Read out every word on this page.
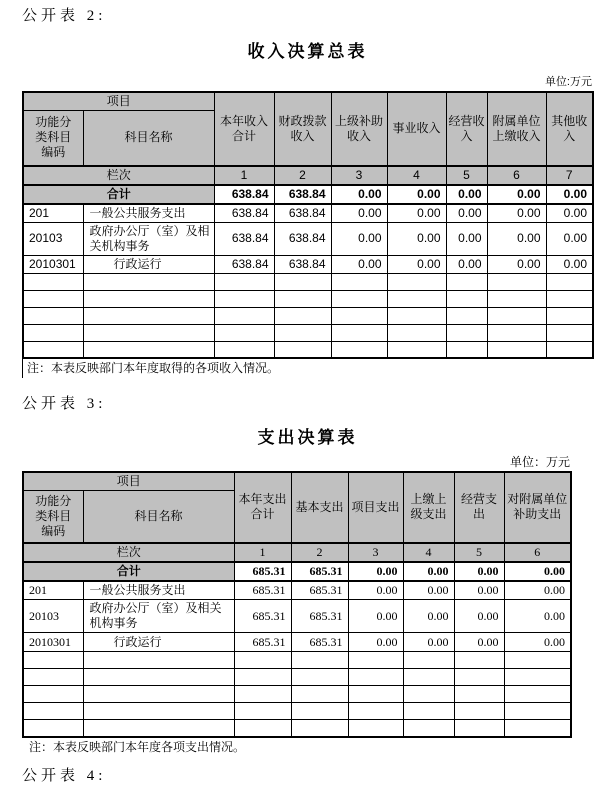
公开表 2:
收入决算总表
单位:万元
项目		本年收入合计	财政拨款收入	上级补助收入	事业收入	经营收入	附属单位上缴收入	其他收入
功能分类科目编码	科目名称							
栏次		1	2	3	4	5	6	7
合计		638.84	638.84	0.00	0.00	0.00	0.00	0.00
201	一般公共服务支出	638.84	638.84	0.00	0.00	0.00	0.00	0.00
20103	政府办公厅（室）及相关机构事务	638.84	638.84	0.00	0.00	0.00	0.00	0.00
2010301	行政运行	638.84	638.84	0.00	0.00	0.00	0.00	0.00

注：本表反映部门本年度取得的各项收入情况。
公开表 3:
支出决算表
单位：万元
项目		本年支出合计	基本支出	项目支出	上缴上级支出	经营支出	对附属单位补助支出
功能分类科目编码	科目名称						
栏次		1	2	3	4	5	6
合计		685.31	685.31	0.00	0.00	0.00	0.00
201	一般公共服务支出	685.31	685.31	0.00	0.00	0.00	0.00
20103	政府办公厅（室）及相关机构事务	685.31	685.31	0.00	0.00	0.00	0.00
2010301	行政运行	685.31	685.31	0.00	0.00	0.00	0.00

注：本表反映部门本年度各项支出情况。
公开表 4:
